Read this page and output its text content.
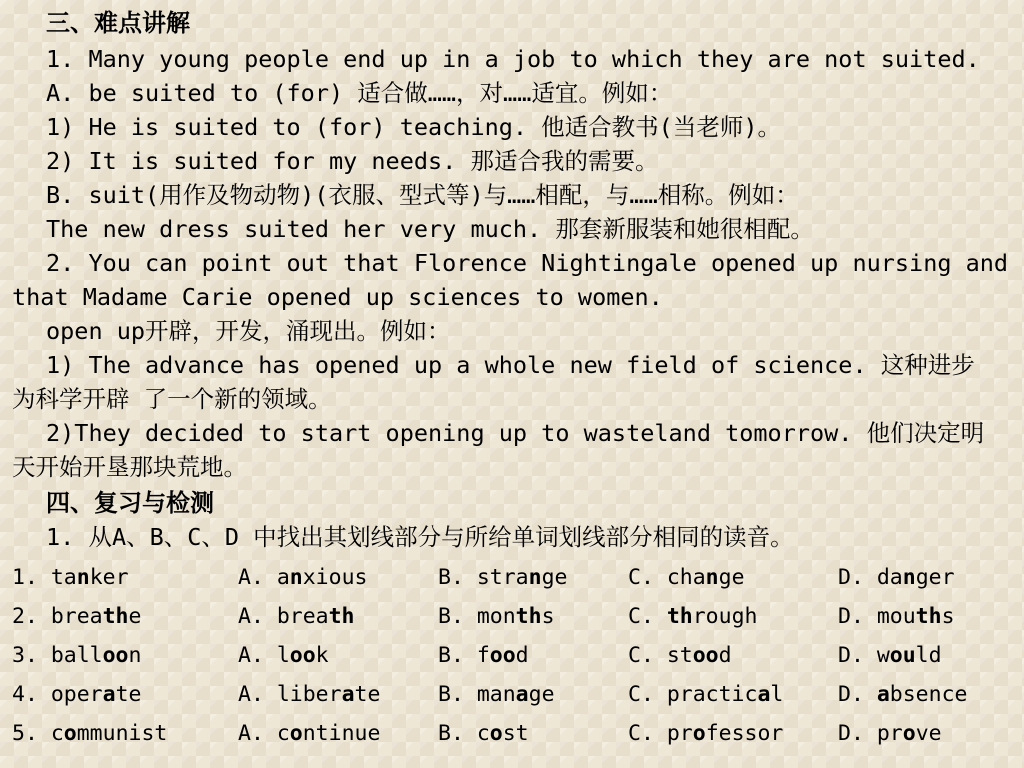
三、难点讲解
1. Many young people end up in a job to which they are not suited.
A. be suited to (for) 适合做……，对……适宜。例如：
1) He is suited to (for) teaching. 他适合教书(当老师)。
2) It is suited for my needs. 那适合我的需要。
B. suit(用作及物动物)(衣服、型式等)与……相配，与……相称。例如：
The new dress suited her very much. 那套新服装和她很相配。
2. You can point out that Florence Nightingale opened up nursing and
that Madame Carie opened up sciences to women.
open up开辟，开发，涌现出。例如：
1) The advance has opened up a whole new field of science. 这种进步
为科学开辟 了一个新的领域。
2)They decided to start opening up to wasteland tomorrow. 他们决定明
天开始开垦那块荒地。
四、复习与检测
1. 从A、B、C、D 中找出其划线部分与所给单词划线部分相同的读音。
1. tanker	A. anxious	B. strange	C. change	D. danger
2. breathe	A. breath	B. months	C. through	D. mouths
3. balloon	A. look	B. food	C. stood	D. would
4. operate	A. liberate	B. manage	C. practical	D. absence
5. communist	A. continue	B. cost	C. professor	D. prove
